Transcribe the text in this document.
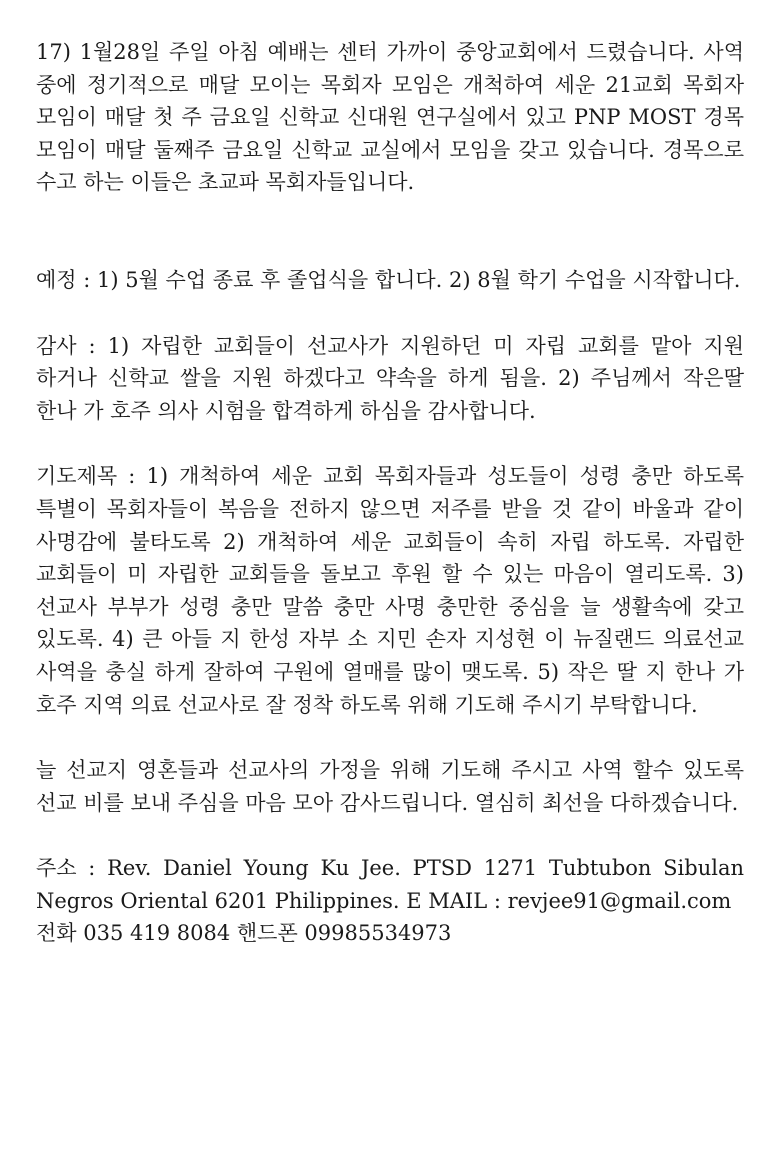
17) 1월28일 주일 아침 예배는 센터 가까이 중앙교회에서 드렸습니다. 사역 중에 정기적으로 매달 모이는 목회자 모임은 개척하여 세운 21교회 목회자 모임이 매달 첫 주 금요일 신학교 신대원 연구실에서 있고 PNP MOST 경목 모임이 매달 둘째주 금요일 신학교 교실에서 모임을 갖고 있습니다. 경목으로 수고 하는 이들은 초교파 목회자들입니다.

예정 : 1) 5월 수업 종료 후 졸업식을 합니다. 2) 8월 학기 수업을 시작합니다.

감사 : 1) 자립한 교회들이 선교사가 지원하던 미 자립 교회를 맡아 지원 하거나 신학교 쌀을 지원 하겠다고 약속을 하게 됨을. 2) 주님께서 작은딸 한나 가 호주 의사 시험을 합격하게 하심을 감사합니다.

기도제목 : 1) 개척하여 세운 교회 목회자들과 성도들이 성령 충만 하도록 특별이 목회자들이 복음을 전하지 않으면 저주를 받을 것 같이 바울과 같이 사명감에 불타도록 2) 개척하여 세운 교회들이 속히 자립 하도록. 자립한 교회들이 미 자립한 교회들을 돌보고 후원 할 수 있는 마음이 열리도록. 3) 선교사 부부가 성령 충만 말씀 충만 사명 충만한 중심을 늘 생활속에 갖고 있도록. 4) 큰 아들 지 한성 자부 소 지민 손자 지성현 이 뉴질랜드 의료선교 사역을 충실 하게 잘하여 구원에 열매를 많이 맺도록. 5) 작은 딸 지 한나 가 호주 지역 의료 선교사로 잘 정착 하도록 위해 기도해 주시기 부탁합니다.

늘 선교지 영혼들과 선교사의 가정을 위해 기도해 주시고 사역 할수 있도록 선교 비를 보내 주심을 마음 모아 감사드립니다. 열심히 최선을 다하겠습니다.

주소 : Rev. Daniel Young Ku Jee. PTSD 1271 Tubtubon Sibulan Negros Oriental 6201 Philippines. E MAIL : revjee91@gmail.com

전화 035 419 8084 핸드폰 09985534973
